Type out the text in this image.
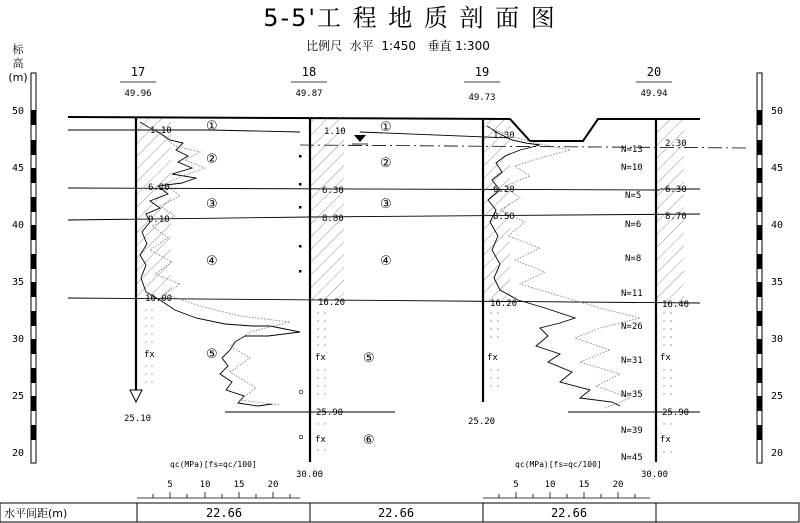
5-5'工 程 地 质 剖 面 图
比例尺  水平  1:450   垂直 1:300
标
高
(m)
50
45
40
35
30
25
20
50
45
40
35
30
25
20
17
49.96
1.10
6.20
9.10
16.00
25.10
fx
18
49.87
1.10
6.30
8.80
16.20
25.90
30.00
fx
fx
19
49.73
1.30
6.20
8.50
16.20
25.20
fx
20
49.94
2.30
6.30
8.70
16.40
25.90
30.00
fx
fx
①
②
③
④
⑤
①
②
③
④
⑤
⑥
N=13
N=10
N=5
N=6
N=8
N=11
N=26
N=31
N=35
N=39
N=45
qc(MPa)[fs=qc/100]
5	10	15	20
qc(MPa)[fs=qc/100]
5	10	15	20
水平间距(m)	22.66	22.66	22.66
